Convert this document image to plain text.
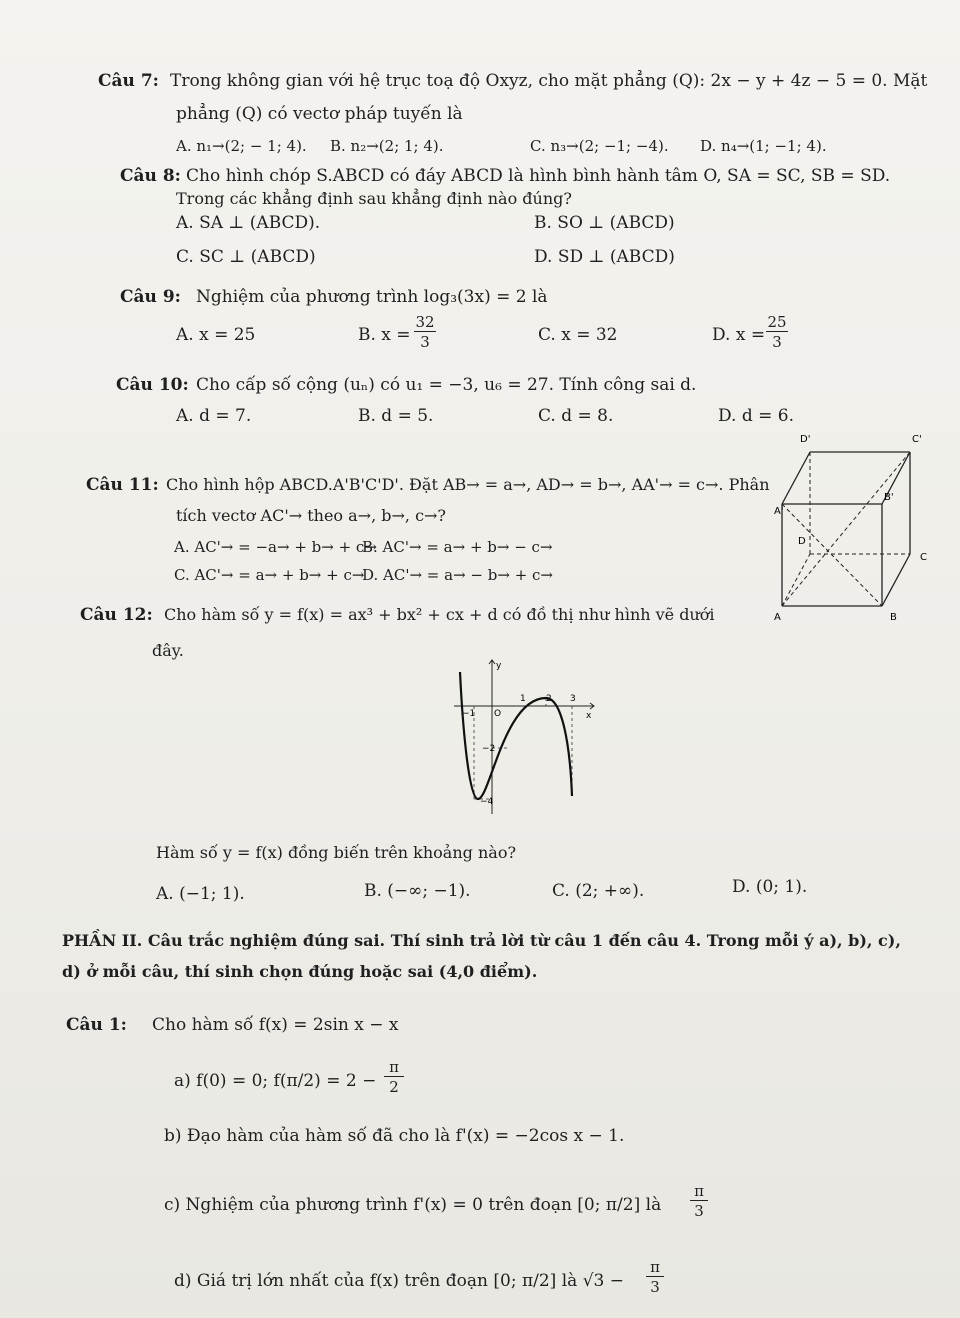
Câu 7: Trong không gian với hệ trục toạ độ Oxyz, cho mặt phẳng (Q): 2x − y + 4z − 5 = 0. Mặt
phẳng (Q) có vectơ pháp tuyến là
A. n₁→(2; − 1; 4). B. n₂→(2; 1; 4).	C. n₃→(2; −1; −4). D. n₄→(1; −1; 4).
Câu 8: Cho hình chóp S.ABCD có đáy ABCD là hình bình hành tâm O, SA = SC, SB = SD.
Trong các khẳng định sau khẳng định nào đúng?
A. SA ⊥ (ABCD).	B. SO ⊥ (ABCD)
C. SC ⊥ (ABCD)	D. SD ⊥ (ABCD)
Câu 9: Nghiệm của phương trình log₃(3x) = 2 là
A. x = 25	B. x =
32
3	C. x = 32	D. x =
25
3
Câu 10: Cho cấp số cộng (uₙ) có u₁ = −3, u₆ = 27. Tính công sai d.
A. d = 7.	B. d = 5.	C. d = 8.	D. d = 6.
Câu 11: Cho hình hộp ABCD.A'B'C'D'. Đặt AB→ = a→, AD→ = b→, AA'→ = c→. Phân
tích vectơ AC'→ theo a→, b→, c→?
A. AC'→ = −a→ + b→ + c→
B. AC'→ = a→ + b→ − c→
C. AC'→ = a→ + b→ + c→
D. AC'→ = a→ − b→ + c→
D'	C'
A'
B'
D
C
A	B
Câu 12: Cho hàm số y = f(x) = ax³ + bx² + cx + d có đồ thị như hình vẽ dưới
đây.
y
x
O
1 2 3
−1
−2
−4
Hàm số y = f(x) đồng biến trên khoảng nào?
A. (−1; 1).	B. (−∞; −1).	C. (2; +∞).	D. (0; 1).
PHẦN II. Câu trắc nghiệm đúng sai. Thí sinh trả lời từ câu 1 đến câu 4. Trong mỗi ý a), b), c),
d) ở mỗi câu, thí sinh chọn đúng hoặc sai (4,0 điểm).
Câu 1: Cho hàm số f(x) = 2sin x − x
a) f(0) = 0; f(π/2) = 2 −
π
2
b) Đạo hàm của hàm số đã cho là f'(x) = −2cos x − 1.
c) Nghiệm của phương trình f'(x) = 0 trên đoạn [0; π/2] là
π
3
d) Giá trị lớn nhất của f(x) trên đoạn [0; π/2] là √3 −
π
3
